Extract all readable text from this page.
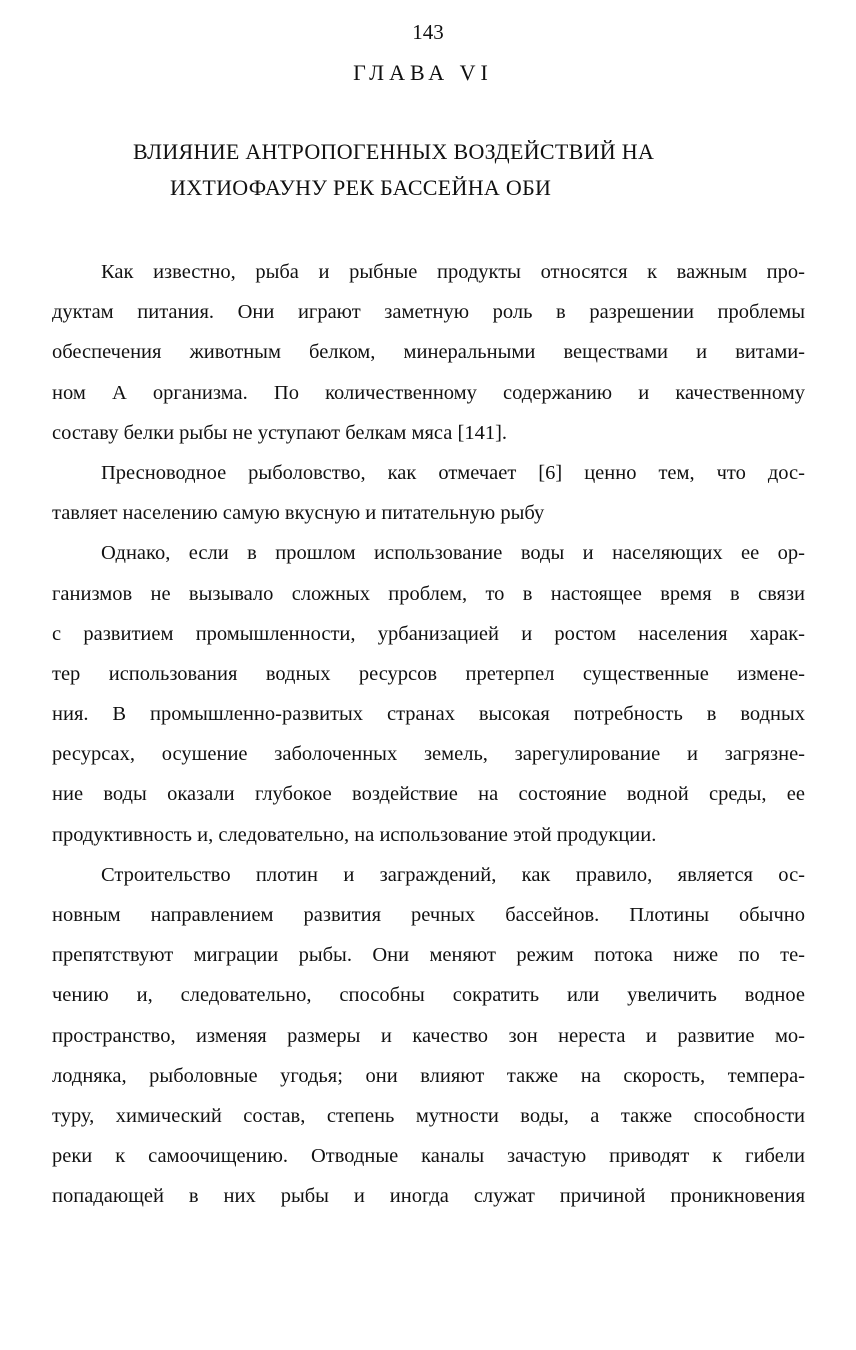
143
ГЛАВА VI
ВЛИЯНИЕ АНТРОПОГЕННЫХ ВОЗДЕЙСТВИЙ НА
ИХТИОФАУНУ РЕК БАССЕЙНА ОБИ
Как известно, рыба и рыбные продукты относятся к важным про-
дуктам питания. Они играют заметную роль в разрешении проблемы
обеспечения животным белком, минеральными веществами и витами-
ном А организма. По количественному содержанию и качественному
составу белки рыбы не уступают белкам мяса [141].
Пресноводное рыболовство, как отмечает [6] ценно тем, что дос-
тавляет населению самую вкусную и питательную рыбу
Однако, если в прошлом использование воды и населяющих ее ор-
ганизмов не вызывало сложных проблем, то в настоящее время в связи
с развитием промышленности, урбанизацией и ростом населения харак-
тер использования водных ресурсов претерпел существенные измене-
ния. В промышленно-развитых странах высокая потребность в водных
ресурсах, осушение заболоченных земель, зарегулирование и загрязне-
ние воды оказали глубокое воздействие на состояние водной среды, ее
продуктивность и, следовательно, на использование этой продукции.
Строительство плотин и заграждений, как правило, является ос-
новным направлением развития речных бассейнов. Плотины обычно
препятствуют миграции рыбы. Они меняют режим потока ниже по те-
чению и, следовательно, способны сократить или увеличить водное
пространство, изменяя размеры и качество зон нереста и развитие мо-
лодняка, рыболовные угодья; они влияют также на скорость, темпера-
туру, химический состав, степень мутности воды, а также способности
реки к самоочищению. Отводные каналы зачастую приводят к гибели
попадающей в них рыбы и иногда служат причиной проникновения
